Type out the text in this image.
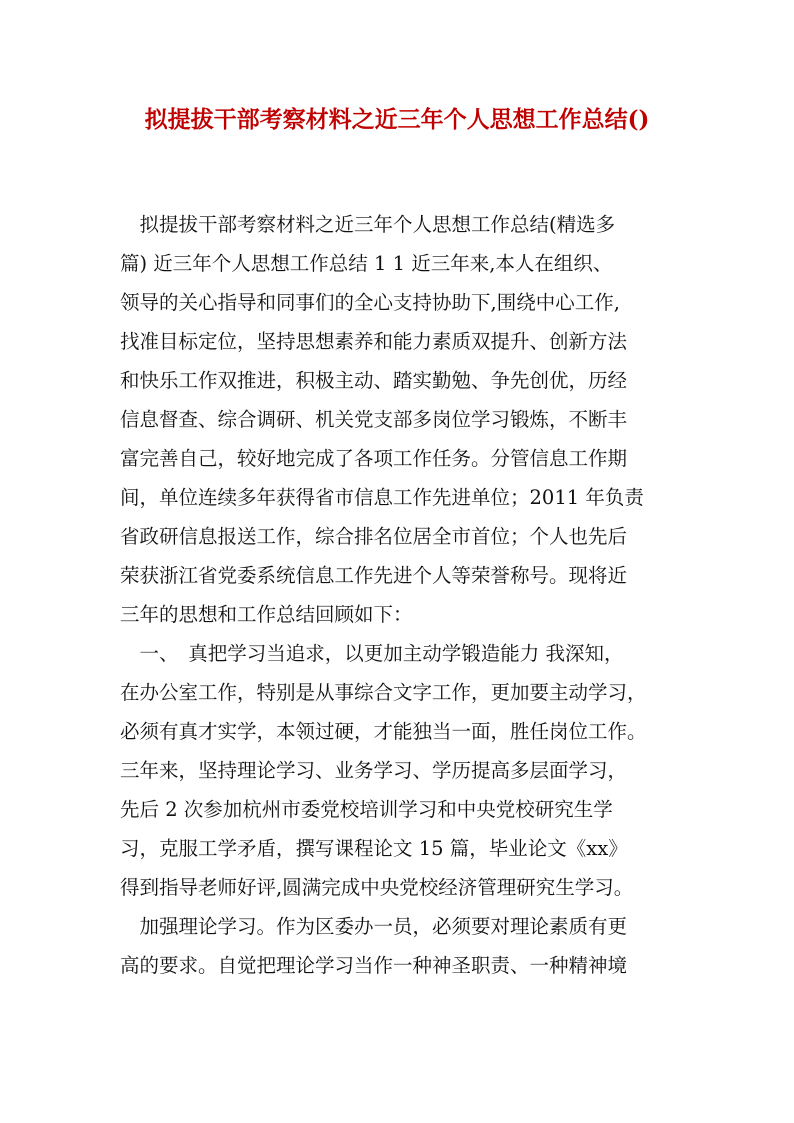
拟提拔干部考察材料之近三年个人思想工作总结()
　拟提拔干部考察材料之近三年个人思想工作总结(精选多
篇) 近三年个人思想工作总结 1 1 近三年来,本人在组织、
领导的关心指导和同事们的全心支持协助下,围绕中心工作,
找准目标定位，坚持思想素养和能力素质双提升、创新方法
和快乐工作双推进，积极主动、踏实勤勉、争先创优，历经
信息督查、综合调研、机关党支部多岗位学习锻炼，不断丰
富完善自己，较好地完成了各项工作任务。分管信息工作期
间，单位连续多年获得省市信息工作先进单位；2011 年负责
省政研信息报送工作，综合排名位居全市首位；个人也先后
荣获浙江省党委系统信息工作先进个人等荣誉称号。现将近
三年的思想和工作总结回顾如下：
　一、　真把学习当追求，以更加主动学锻造能力 我深知，
在办公室工作，特别是从事综合文字工作，更加要主动学习，
必须有真才实学，本领过硬，才能独当一面，胜任岗位工作。
三年来，坚持理论学习、业务学习、学历提高多层面学习，
先后 2 次参加杭州市委党校培训学习和中央党校研究生学
习，克服工学矛盾，撰写课程论文 15 篇，毕业论文《xx》
得到指导老师好评,圆满完成中央党校经济管理研究生学习。
　加强理论学习。作为区委办一员，必须要对理论素质有更
高的要求。自觉把理论学习当作一种神圣职责、一种精神境
